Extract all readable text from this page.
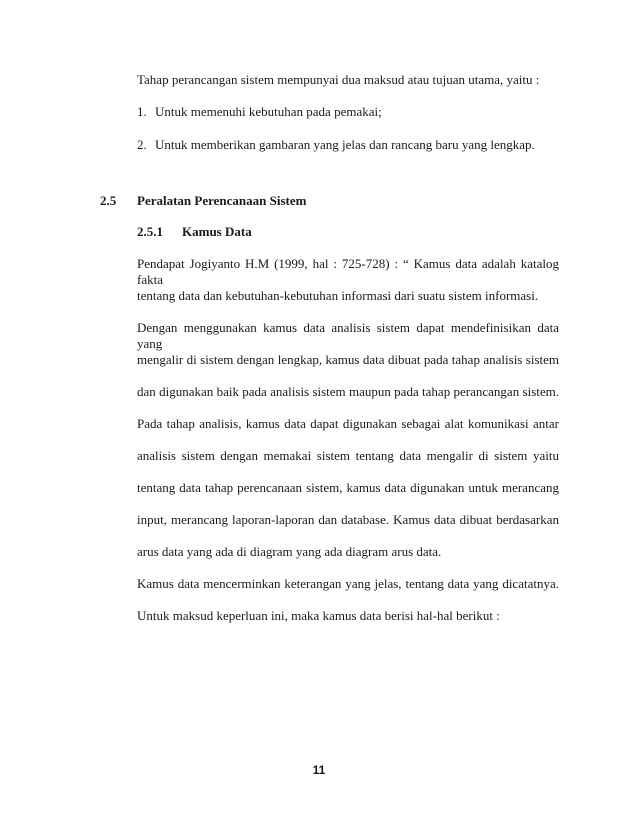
Tahap perancangan sistem mempunyai dua maksud atau tujuan utama, yaitu :
1. Untuk memenuhi kebutuhan pada pemakai;
2. Untuk memberikan gambaran yang jelas dan rancang baru yang lengkap.
2.5 Peralatan Perencanaan Sistem
2.5.1 Kamus Data
Pendapat Jogiyanto H.M (1999, hal : 725-728) : “ Kamus data adalah katalog fakta
tentang data dan kebutuhan-kebutuhan informasi dari suatu sistem informasi.
Dengan menggunakan kamus data analisis sistem dapat mendefinisikan data yang
mengalir di sistem dengan lengkap, kamus data dibuat pada tahap analisis sistem
dan digunakan baik pada analisis sistem maupun pada tahap perancangan sistem.
Pada tahap analisis, kamus data dapat digunakan sebagai alat komunikasi antar
analisis sistem dengan memakai sistem tentang data mengalir di sistem yaitu
tentang data tahap perencanaan sistem, kamus data digunakan untuk merancang
input, merancang laporan-laporan dan database. Kamus data dibuat berdasarkan
arus data yang ada di diagram yang ada diagram arus data.
Kamus data mencerminkan keterangan yang jelas, tentang data yang dicatatnya.
Untuk maksud keperluan ini, maka kamus data berisi hal-hal berikut :
11
